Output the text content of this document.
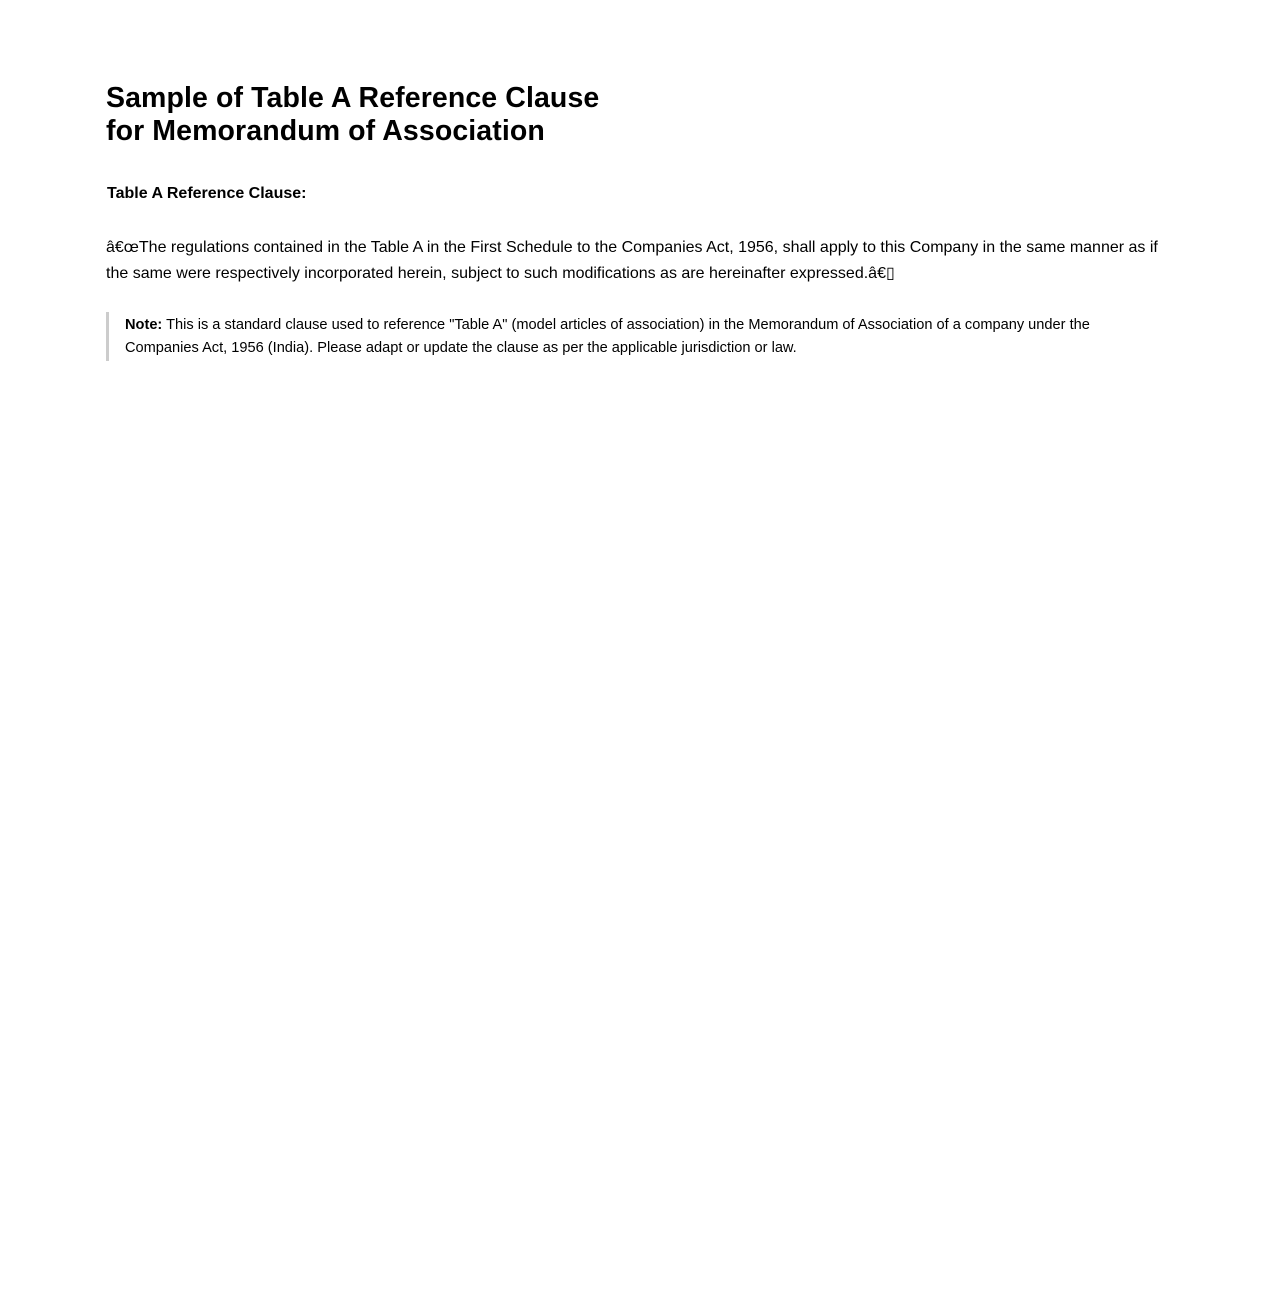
Sample of Table A Reference Clause
for Memorandum of Association
Table A Reference Clause:

â€œThe regulations contained in the Table A in the First Schedule to the Companies Act, 1956, shall apply to this Company in the same manner as if the same were respectively incorporated herein, subject to such modifications as are hereinafter expressed.â€▯

Note: This is a standard clause used to reference "Table A" (model articles of association) in the Memorandum of Association of a company under the Companies Act, 1956 (India). Please adapt or update the clause as per the applicable jurisdiction or law.
